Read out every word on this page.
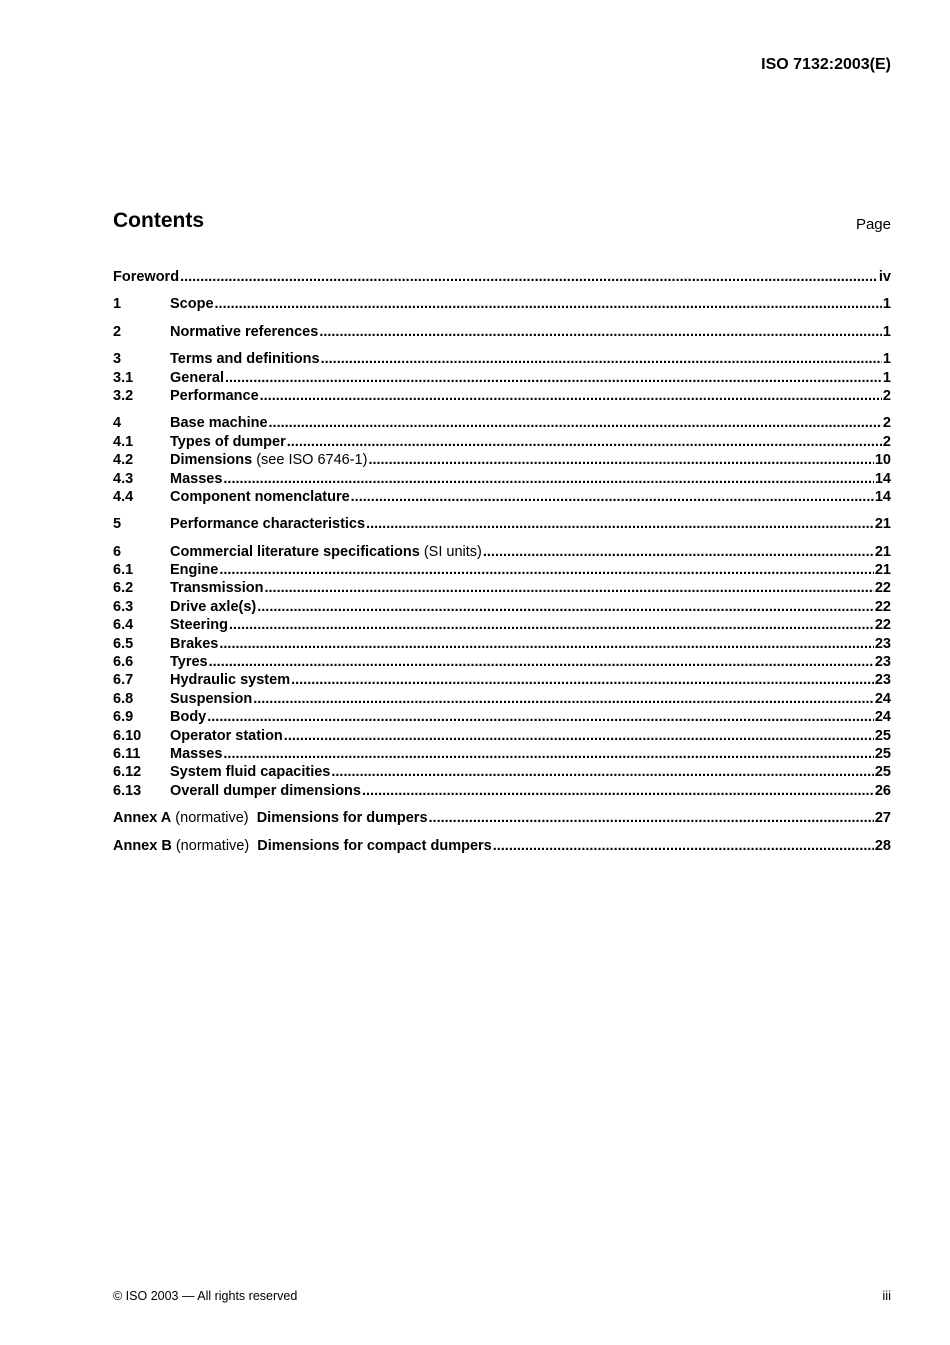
ISO 7132:2003(E)
Contents	Page
Foreword .....	iv
1	Scope .....	1
2	Normative references .....	1
3	Terms and definitions .....	1
3.1	General .....	1
3.2	Performance .....	2
4	Base machine .....	2
4.1	Types of dumper .....	2
4.2	Dimensions (see ISO 6746-1) .....	10
4.3	Masses .....	14
4.4	Component nomenclature .....	14
5	Performance characteristics .....	21
6	Commercial literature specifications (SI units) .....	21
6.1	Engine .....	21
6.2	Transmission .....	22
6.3	Drive axle(s) .....	22
6.4	Steering .....	22
6.5	Brakes .....	23
6.6	Tyres .....	23
6.7	Hydraulic system .....	23
6.8	Suspension .....	24
6.9	Body .....	24
6.10	Operator station .....	25
6.11	Masses .....	25
6.12	System fluid capacities .....	25
6.13	Overall dumper dimensions .....	26
Annex A (normative)  Dimensions for dumpers .....	27
Annex B (normative)  Dimensions for compact dumpers .....	28
© ISO 2003 — All rights reserved	iii
